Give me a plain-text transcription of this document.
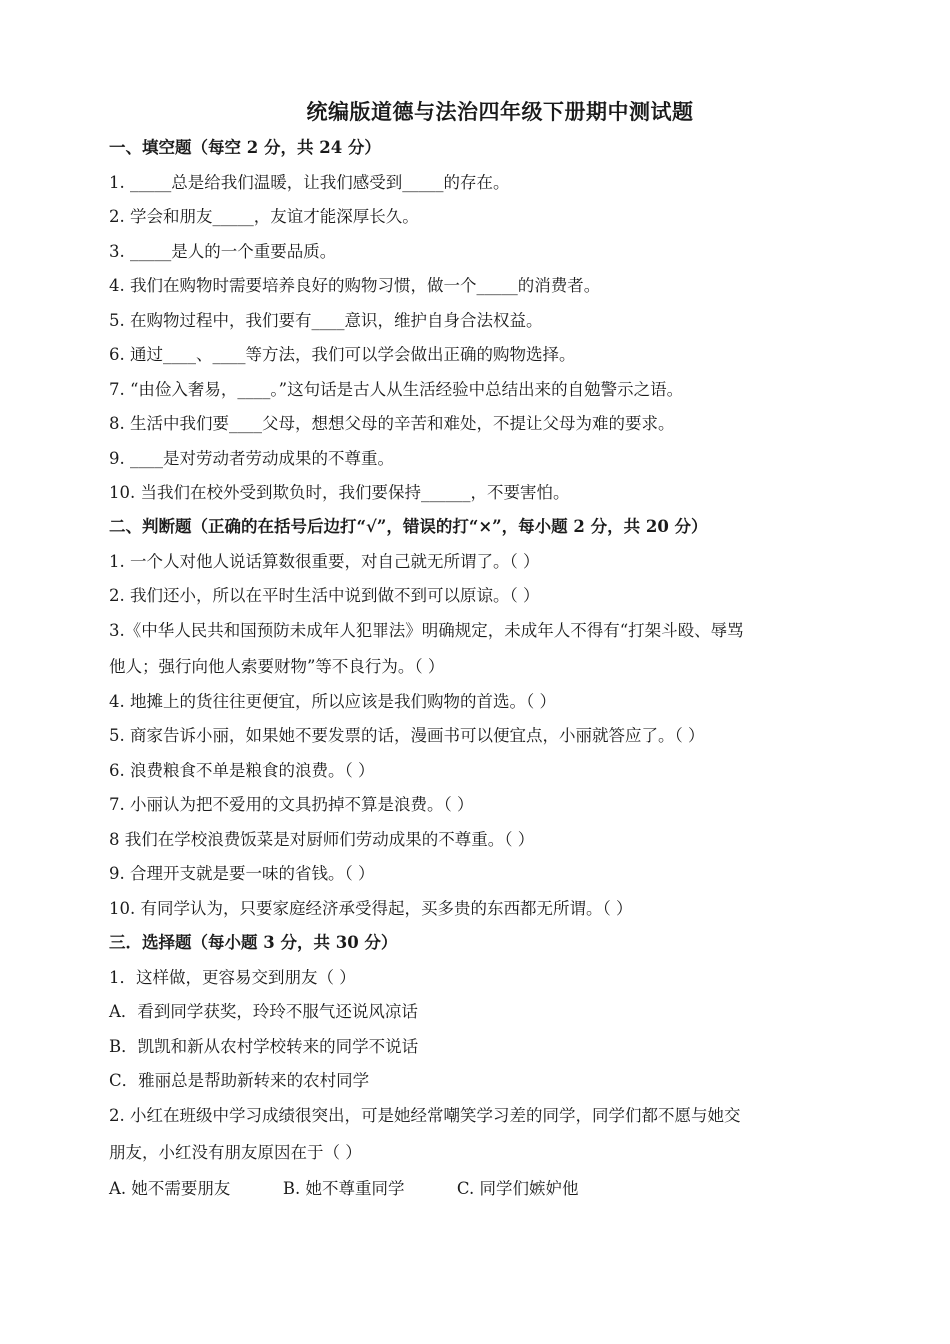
统编版道德与法治四年级下册期中测试题
一、填空题（每空 2 分，共 24 分）
1. _____总是给我们温暖，让我们感受到_____的存在。
2. 学会和朋友_____，友谊才能深厚长久。
3. _____是人的一个重要品质。
4. 我们在购物时需要培养良好的购物习惯，做一个_____的消费者。
5. 在购物过程中，我们要有____意识，维护自身合法权益。
6. 通过____、____等方法，我们可以学会做出正确的购物选择。
7. “由俭入奢易，____。”这句话是古人从生活经验中总结出来的自勉警示之语。
8. 生活中我们要____父母，想想父母的辛苦和难处，不提让父母为难的要求。
9. ____是对劳动者劳动成果的不尊重。
10. 当我们在校外受到欺负时，我们要保持______，不要害怕。
二、判断题（正确的在括号后边打“√”，错误的打“×”，每小题 2 分，共 20 分）
1. 一个人对他人说话算数很重要，对自己就无所谓了。（ ）
2. 我们还小，所以在平时生活中说到做不到可以原谅。（ ）
3.《中华人民共和国预防未成年人犯罪法》明确规定，未成年人不得有“打架斗殴、辱骂
他人；强行向他人索要财物”等不良行为。（ ）
4. 地摊上的货往往更便宜，所以应该是我们购物的首选。（ ）
5. 商家告诉小丽，如果她不要发票的话，漫画书可以便宜点，小丽就答应了。（ ）
6. 浪费粮食不单是粮食的浪费。（ ）
7. 小丽认为把不爱用的文具扔掉不算是浪费。（ ）
8 我们在学校浪费饭菜是对厨师们劳动成果的不尊重。（ ）
9. 合理开支就是要一味的省钱。（ ）
10. 有同学认为，只要家庭经济承受得起，买多贵的东西都无所谓。（ ）
三．选择题（每小题 3 分，共 30 分）
1．这样做，更容易交到朋友（ ）
A．看到同学获奖，玲玲不服气还说风凉话
B．凯凯和新从农村学校转来的同学不说话
C．雅丽总是帮助新转来的农村同学
2. 小红在班级中学习成绩很突出，可是她经常嘲笑学习差的同学，同学们都不愿与她交
朋友，小红没有朋友原因在于（ ）
A. 她不需要朋友          B. 她不尊重同学          C. 同学们嫉妒他
